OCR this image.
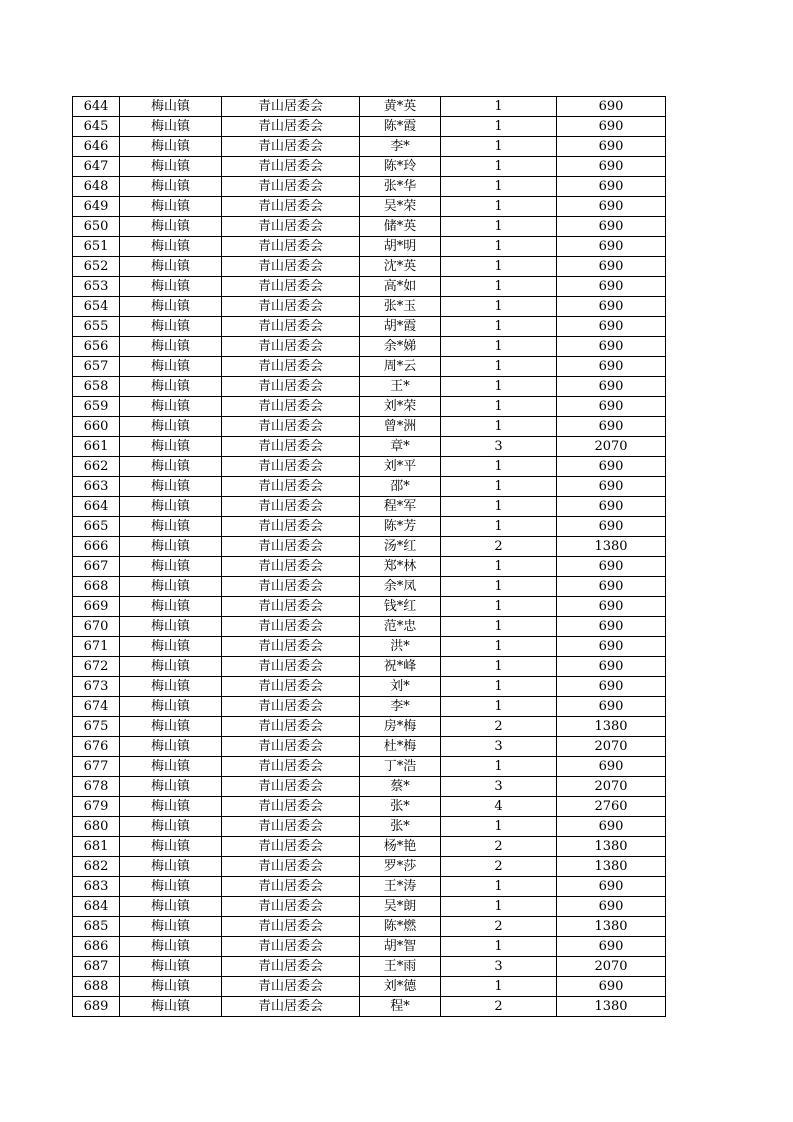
644	梅山镇	青山居委会	黄*英	1	690
645	梅山镇	青山居委会	陈*霞	1	690
646	梅山镇	青山居委会	李*	1	690
647	梅山镇	青山居委会	陈*玲	1	690
648	梅山镇	青山居委会	张*华	1	690
649	梅山镇	青山居委会	吴*荣	1	690
650	梅山镇	青山居委会	储*英	1	690
651	梅山镇	青山居委会	胡*明	1	690
652	梅山镇	青山居委会	沈*英	1	690
653	梅山镇	青山居委会	高*如	1	690
654	梅山镇	青山居委会	张*玉	1	690
655	梅山镇	青山居委会	胡*霞	1	690
656	梅山镇	青山居委会	余*娣	1	690
657	梅山镇	青山居委会	周*云	1	690
658	梅山镇	青山居委会	王*	1	690
659	梅山镇	青山居委会	刘*荣	1	690
660	梅山镇	青山居委会	曾*洲	1	690
661	梅山镇	青山居委会	章*	3	2070
662	梅山镇	青山居委会	刘*平	1	690
663	梅山镇	青山居委会	邵*	1	690
664	梅山镇	青山居委会	程*军	1	690
665	梅山镇	青山居委会	陈*芳	1	690
666	梅山镇	青山居委会	汤*红	2	1380
667	梅山镇	青山居委会	郑*林	1	690
668	梅山镇	青山居委会	余*凤	1	690
669	梅山镇	青山居委会	钱*红	1	690
670	梅山镇	青山居委会	范*忠	1	690
671	梅山镇	青山居委会	洪*	1	690
672	梅山镇	青山居委会	祝*峰	1	690
673	梅山镇	青山居委会	刘*	1	690
674	梅山镇	青山居委会	李*	1	690
675	梅山镇	青山居委会	房*梅	2	1380
676	梅山镇	青山居委会	杜*梅	3	2070
677	梅山镇	青山居委会	丁*浩	1	690
678	梅山镇	青山居委会	蔡*	3	2070
679	梅山镇	青山居委会	张*	4	2760
680	梅山镇	青山居委会	张*	1	690
681	梅山镇	青山居委会	杨*艳	2	1380
682	梅山镇	青山居委会	罗*莎	2	1380
683	梅山镇	青山居委会	王*涛	1	690
684	梅山镇	青山居委会	吴*朗	1	690
685	梅山镇	青山居委会	陈*燃	2	1380
686	梅山镇	青山居委会	胡*智	1	690
687	梅山镇	青山居委会	王*雨	3	2070
688	梅山镇	青山居委会	刘*德	1	690
689	梅山镇	青山居委会	程*	2	1380
